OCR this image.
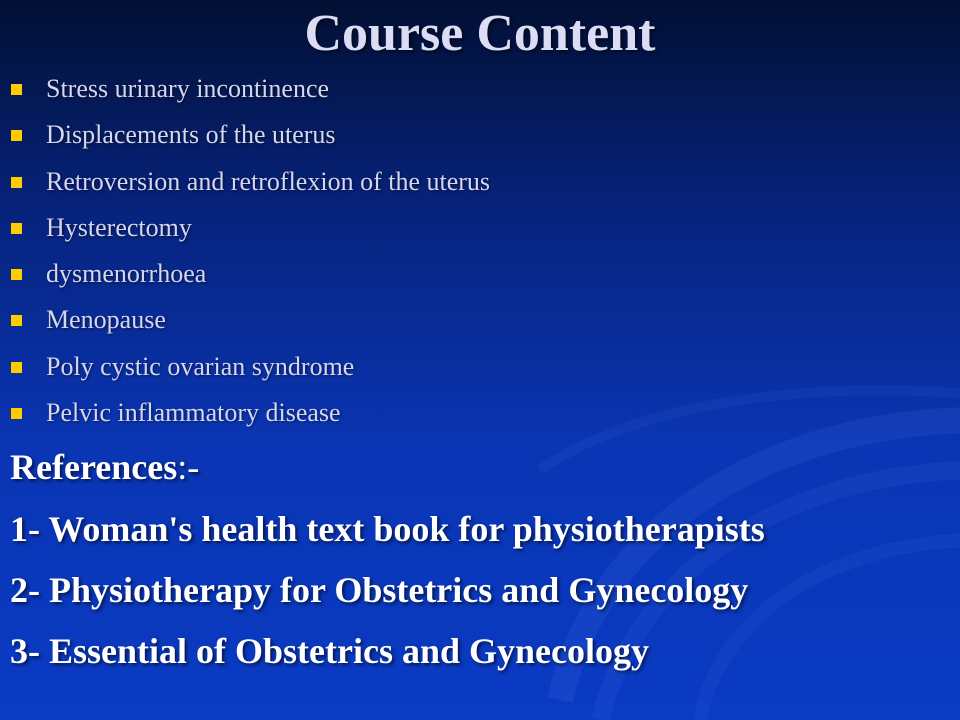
Course Content
Stress urinary incontinence
Displacements of the uterus
Retroversion and retroflexion of the uterus
Hysterectomy
dysmenorrhoea
Menopause
Poly cystic ovarian syndrome
Pelvic inflammatory disease

References:-

1- Woman's health text book for physiotherapists

2- Physiotherapy for Obstetrics and Gynecology

3- Essential of Obstetrics and Gynecology
